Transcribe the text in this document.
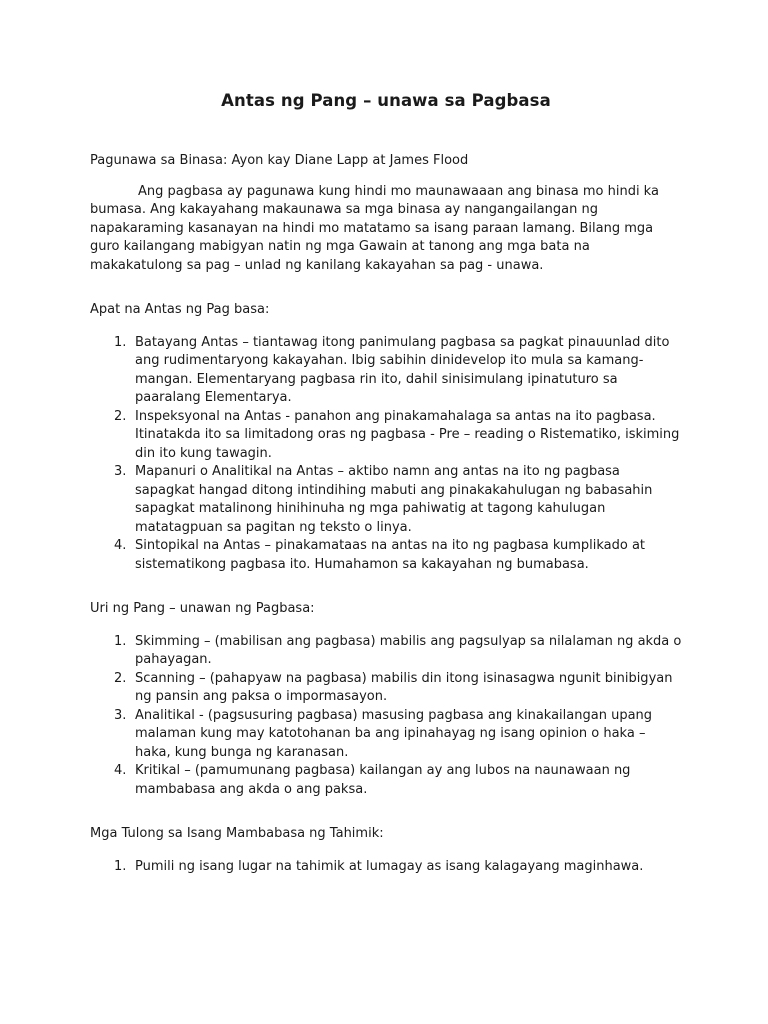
Antas ng Pang – unawa sa Pagbasa

Pagunawa sa Binasa: Ayon kay Diane Lapp at James Flood

Ang pagbasa ay pagunawa kung hindi mo maunawaaan ang binasa mo hindi ka bumasa. Ang kakayahang makaunawa sa mga binasa ay nangangailangan ng napakaraming kasanayan na hindi mo matatamo sa isang paraan lamang. Bilang mga guro kailangang mabigyan natin ng mga Gawain at tanong ang mga bata na makakatulong sa pag – unlad ng kanilang kakayahan sa pag - unawa.

Apat na Antas ng Pag basa:

1. Batayang Antas – tiantawag itong panimulang pagbasa sa pagkat pinauunlad dito ang rudimentaryong kakayahan. Ibig sabihin dinidevelop ito mula sa kamang-mangan. Elementaryang pagbasa rin ito, dahil sinisimulang ipinatuturo sa paaralang Elementarya.
2. Inspeksyonal na Antas - panahon ang pinakamahalaga sa antas na ito pagbasa. Itinatakda ito sa limitadong oras ng pagbasa - Pre – reading o Ristematiko, iskiming din ito kung tawagin.
3. Mapanuri o Analitikal na Antas – aktibo namn ang antas na ito ng pagbasa sapagkat hangad ditong intindihing mabuti ang pinakakahulugan ng babasahin sapagkat matalinong hinihinuha ng mga pahiwatig at tagong kahulugan matatagpuan sa pagitan ng teksto o linya.
4. Sintopikal na Antas – pinakamataas na antas na ito ng pagbasa kumplikado at sistematikong pagbasa ito. Humahamon sa kakayahan ng bumabasa.

Uri ng Pang – unawan ng Pagbasa:

1. Skimming – (mabilisan ang pagbasa) mabilis ang pagsulyap sa nilalaman ng akda o pahayagan.
2. Scanning – (pahapyaw na pagbasa) mabilis din itong isinasagwa ngunit binibigyan ng pansin ang paksa o impormasayon.
3. Analitikal - (pagsusuring pagbasa) masusing pagbasa ang kinakailangan upang malaman kung may katotohanan ba ang ipinahayag ng isang opinion o haka – haka, kung bunga ng karanasan.
4. Kritikal – (pamumunang pagbasa) kailangan ay ang lubos na naunawaan ng mambabasa ang akda o ang paksa.

Mga Tulong sa Isang Mambabasa ng Tahimik:

1. Pumili ng isang lugar na tahimik at lumagay as isang kalagayang maginhawa.
